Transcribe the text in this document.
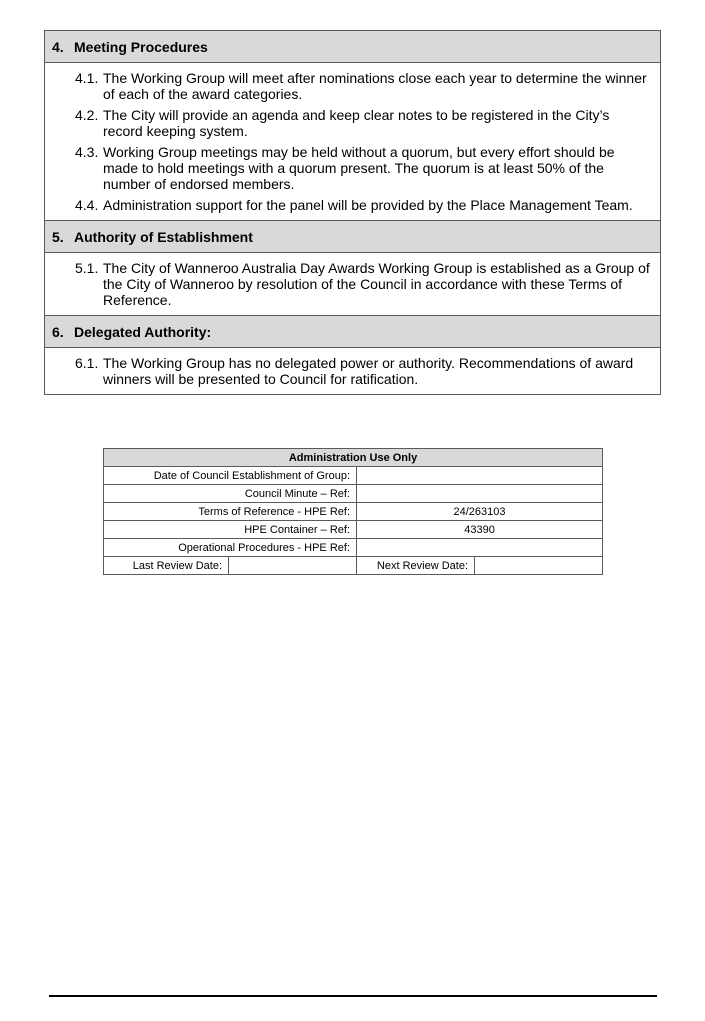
4. Meeting Procedures

4.1. The Working Group will meet after nominations close each year to determine the winner of each of the award categories.
4.2. The City will provide an agenda and keep clear notes to be registered in the City’s record keeping system.
4.3. Working Group meetings may be held without a quorum, but every effort should be made to hold meetings with a quorum present. The quorum is at least 50% of the number of endorsed members.
4.4. Administration support for the panel will be provided by the Place Management Team.

5. Authority of Establishment

5.1. The City of Wanneroo Australia Day Awards Working Group is established as a Group of the City of Wanneroo by resolution of the Council in accordance with these Terms of Reference.

6. Delegated Authority:

6.1. The Working Group has no delegated power or authority. Recommendations of award winners will be presented to Council for ratification.
Administration Use Only			
Date of Council Establishment of Group:			
Council Minute – Ref:			
Terms of Reference - HPE Ref:		24/263103	
HPE Container – Ref:		43390	
Operational Procedures - HPE Ref:			
Last Review Date:		Next Review Date:	
